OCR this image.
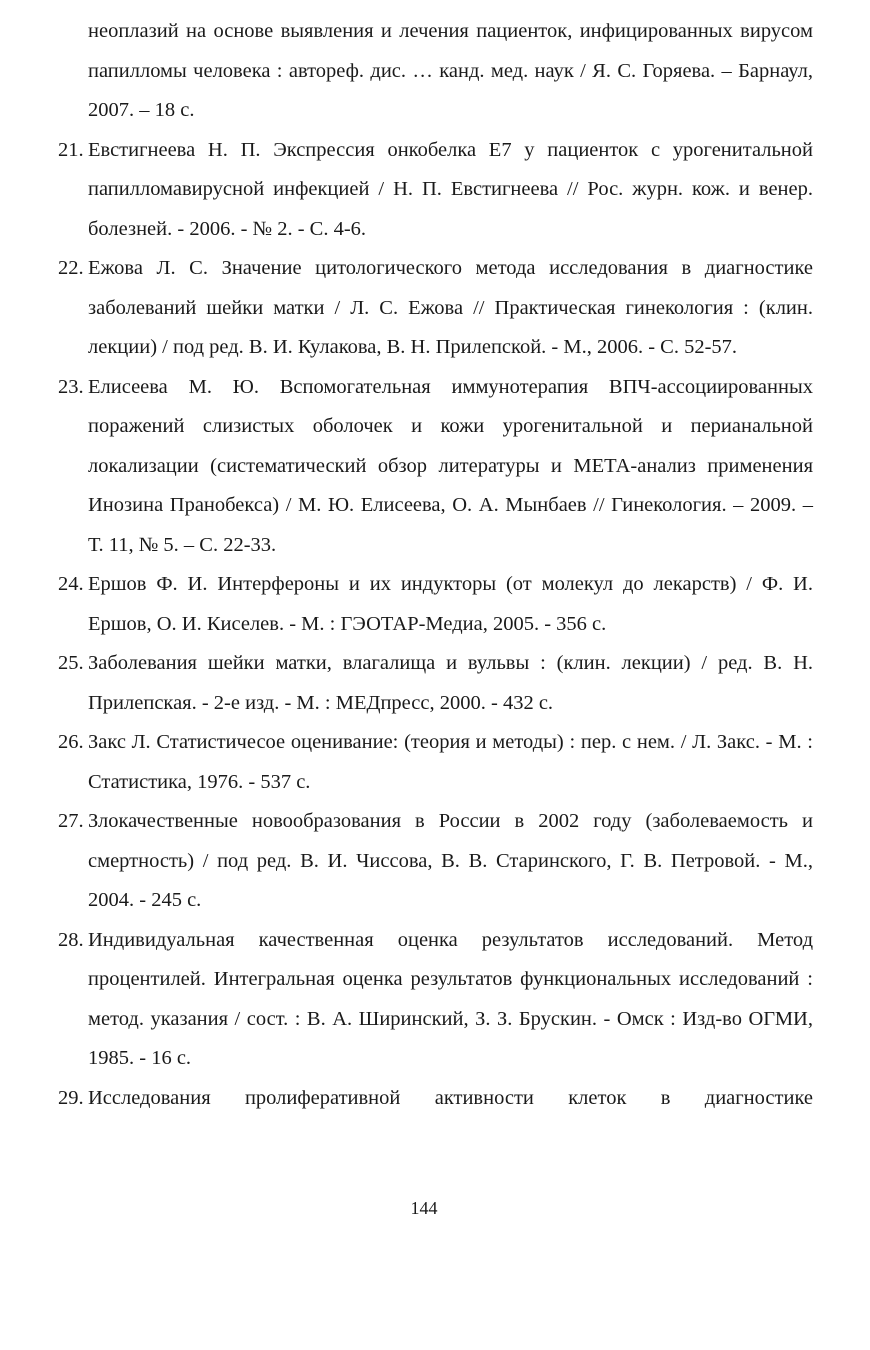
неоплазий на основе выявления и лечения пациенток, инфицированных вирусом папилломы человека : автореф. дис. … канд. мед. наук / Я. С. Горяева. – Барнаул, 2007. – 18 с.

21. Евстигнеева Н. П. Экспрессия онкобелка Е7 у пациенток с урогенитальной папилломавирусной инфекцией / Н. П. Евстигнеева // Рос. журн. кож. и венер. болезней. - 2006. - № 2. - С. 4-6.

22. Ежова Л. С. Значение цитологического метода исследования в диагностике заболеваний шейки матки / Л. С. Ежова // Практическая гинекология : (клин. лекции) / под ред. В. И. Кулакова, В. Н. Прилепской. - М., 2006. - С. 52-57.

23. Елисеева М. Ю. Вспомогательная иммунотерапия ВПЧ-ассоциированных поражений слизистых оболочек и кожи урогенитальной и перианальной локализации (систематический обзор литературы и МЕТА-анализ применения Инозина Пранобекса) / М. Ю. Елисеева, О. А. Мынбаев // Гинекология. – 2009. – Т. 11, № 5. – С. 22-33.

24. Ершов Ф. И. Интерфероны и их индукторы (от молекул до лекарств) / Ф. И. Ершов, О. И. Киселев. - М. : ГЭОТАР-Медиа, 2005. - 356 с.

25. Заболевания шейки матки, влагалища и вульвы : (клин. лекции) / ред. В. Н. Прилепская. - 2-е изд. - М. : МЕДпресс, 2000. - 432 с.

26. Закс Л. Статистичесое оценивание: (теория и методы) : пер. с нем. / Л. Закс. - М. : Статистика, 1976. - 537 с.

27. Злокачественные новообразования в России в 2002 году (заболеваемость и смертность) / под ред. В. И. Чиссова, В. В. Старинского, Г. В. Петровой. - М., 2004. - 245 с.

28. Индивидуальная качественная оценка результатов исследований. Метод процентилей. Интегральная оценка результатов функциональных исследований : метод. указания / сост. : В. А. Ширинский, З. З. Брускин. - Омск : Изд-во ОГМИ, 1985. - 16 с.

29. Исследования пролиферативной активности клеток в диагностике

144
